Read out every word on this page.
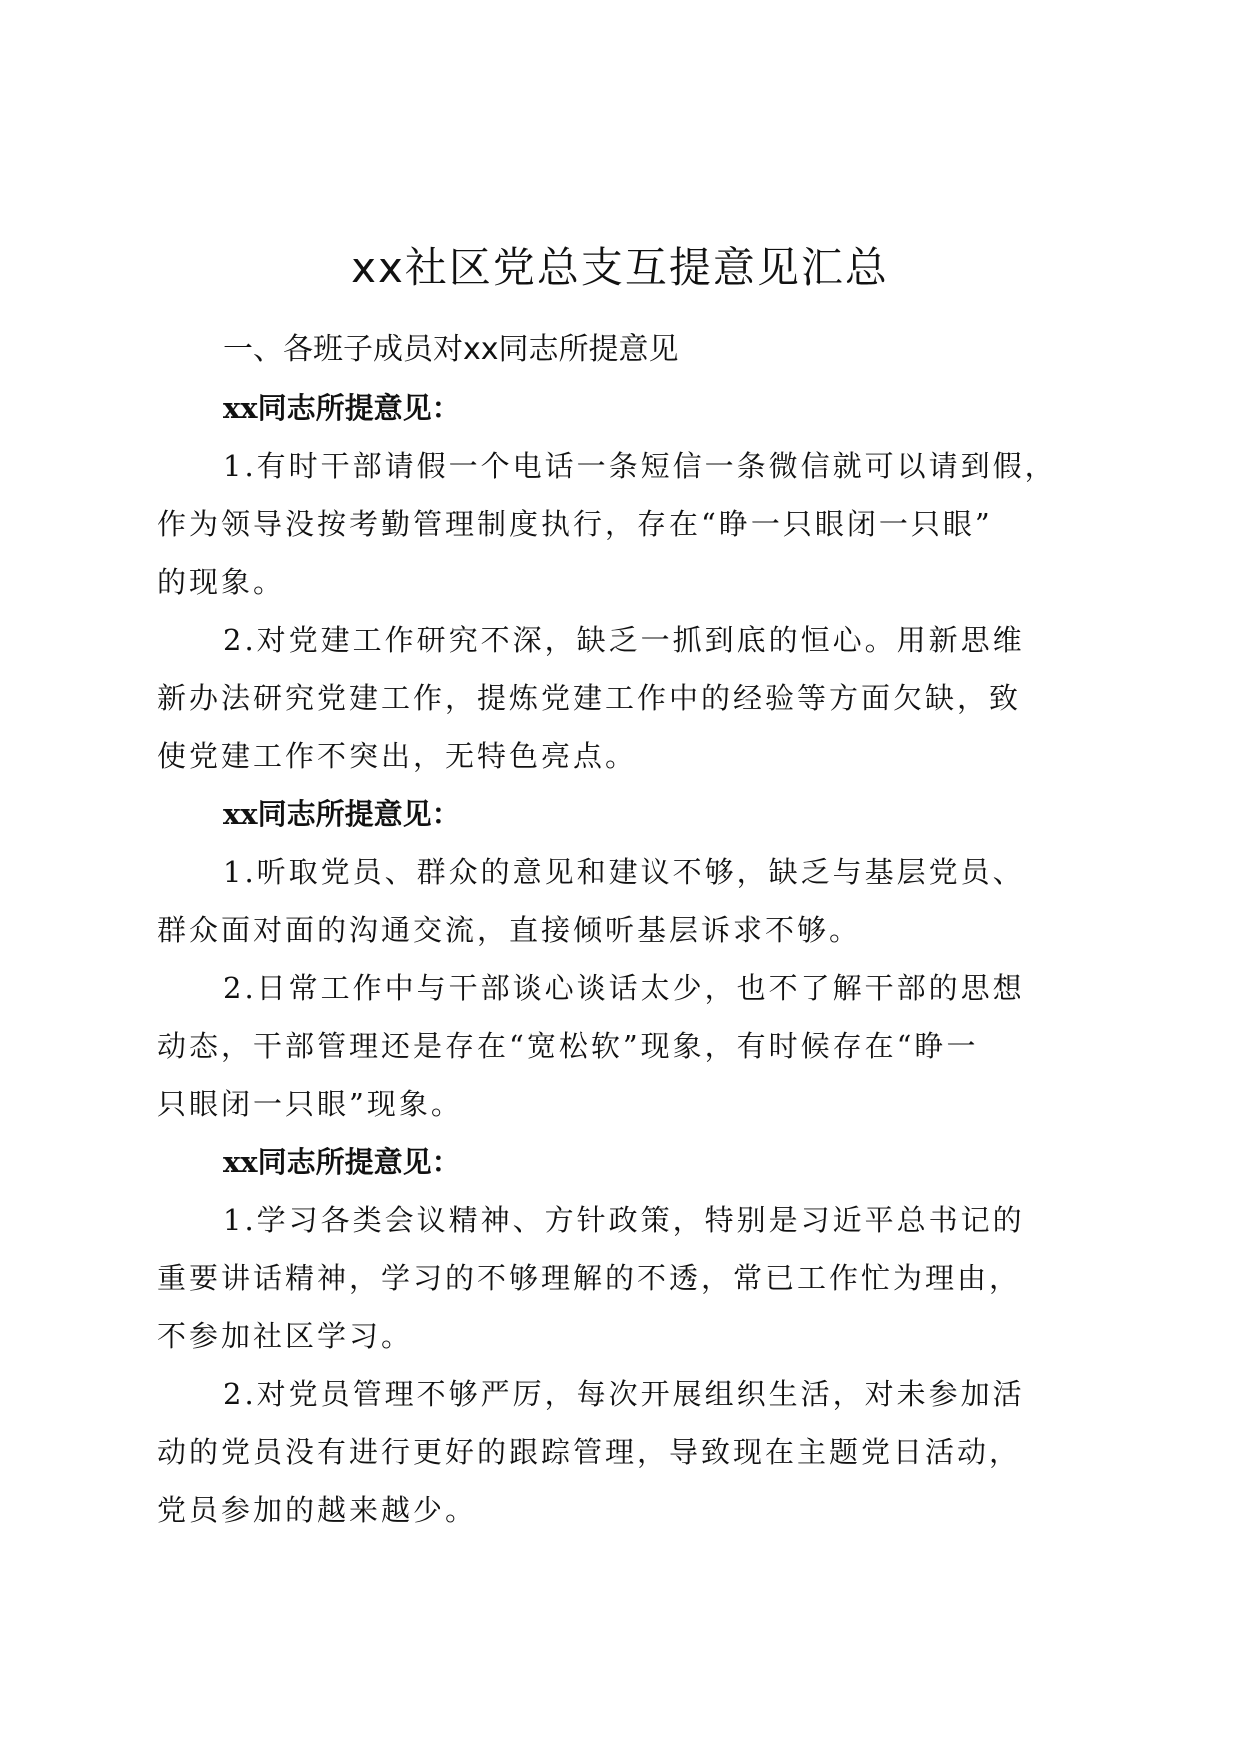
xx社区党总支互提意见汇总
一、各班子成员对xx同志所提意见
xx同志所提意见：
1.有时干部请假一个电话一条短信一条微信就可以请到假，
作为领导没按考勤管理制度执行，存在“睁一只眼闭一只眼”
的现象。
2.对党建工作研究不深，缺乏一抓到底的恒心。用新思维
新办法研究党建工作，提炼党建工作中的经验等方面欠缺，致
使党建工作不突出，无特色亮点。
xx同志所提意见：
1.听取党员、群众的意见和建议不够，缺乏与基层党员、
群众面对面的沟通交流，直接倾听基层诉求不够。
2.日常工作中与干部谈心谈话太少，也不了解干部的思想
动态，干部管理还是存在“宽松软”现象，有时候存在“睁一
只眼闭一只眼”现象。
xx同志所提意见：
1.学习各类会议精神、方针政策，特别是习近平总书记的
重要讲话精神，学习的不够理解的不透，常已工作忙为理由，
不参加社区学习。
2.对党员管理不够严厉，每次开展组织生活，对未参加活
动的党员没有进行更好的跟踪管理，导致现在主题党日活动，
党员参加的越来越少。
